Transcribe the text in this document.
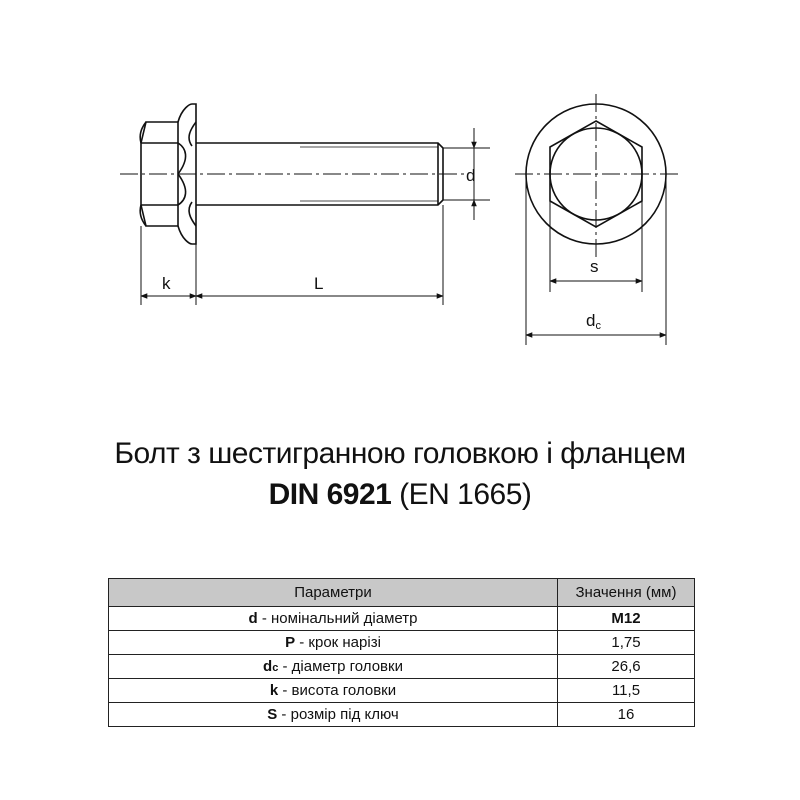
d
k	L
s
dc
Болт з шестигранною головкою і фланцем
DIN 6921 (EN 1665)
Параметри	Значення (мм)
d - номінальний діаметр	M12
P - крок нарізі	1,75
dc - діаметр головки	26,6
k - висота головки	11,5
S - розмір під ключ	16
